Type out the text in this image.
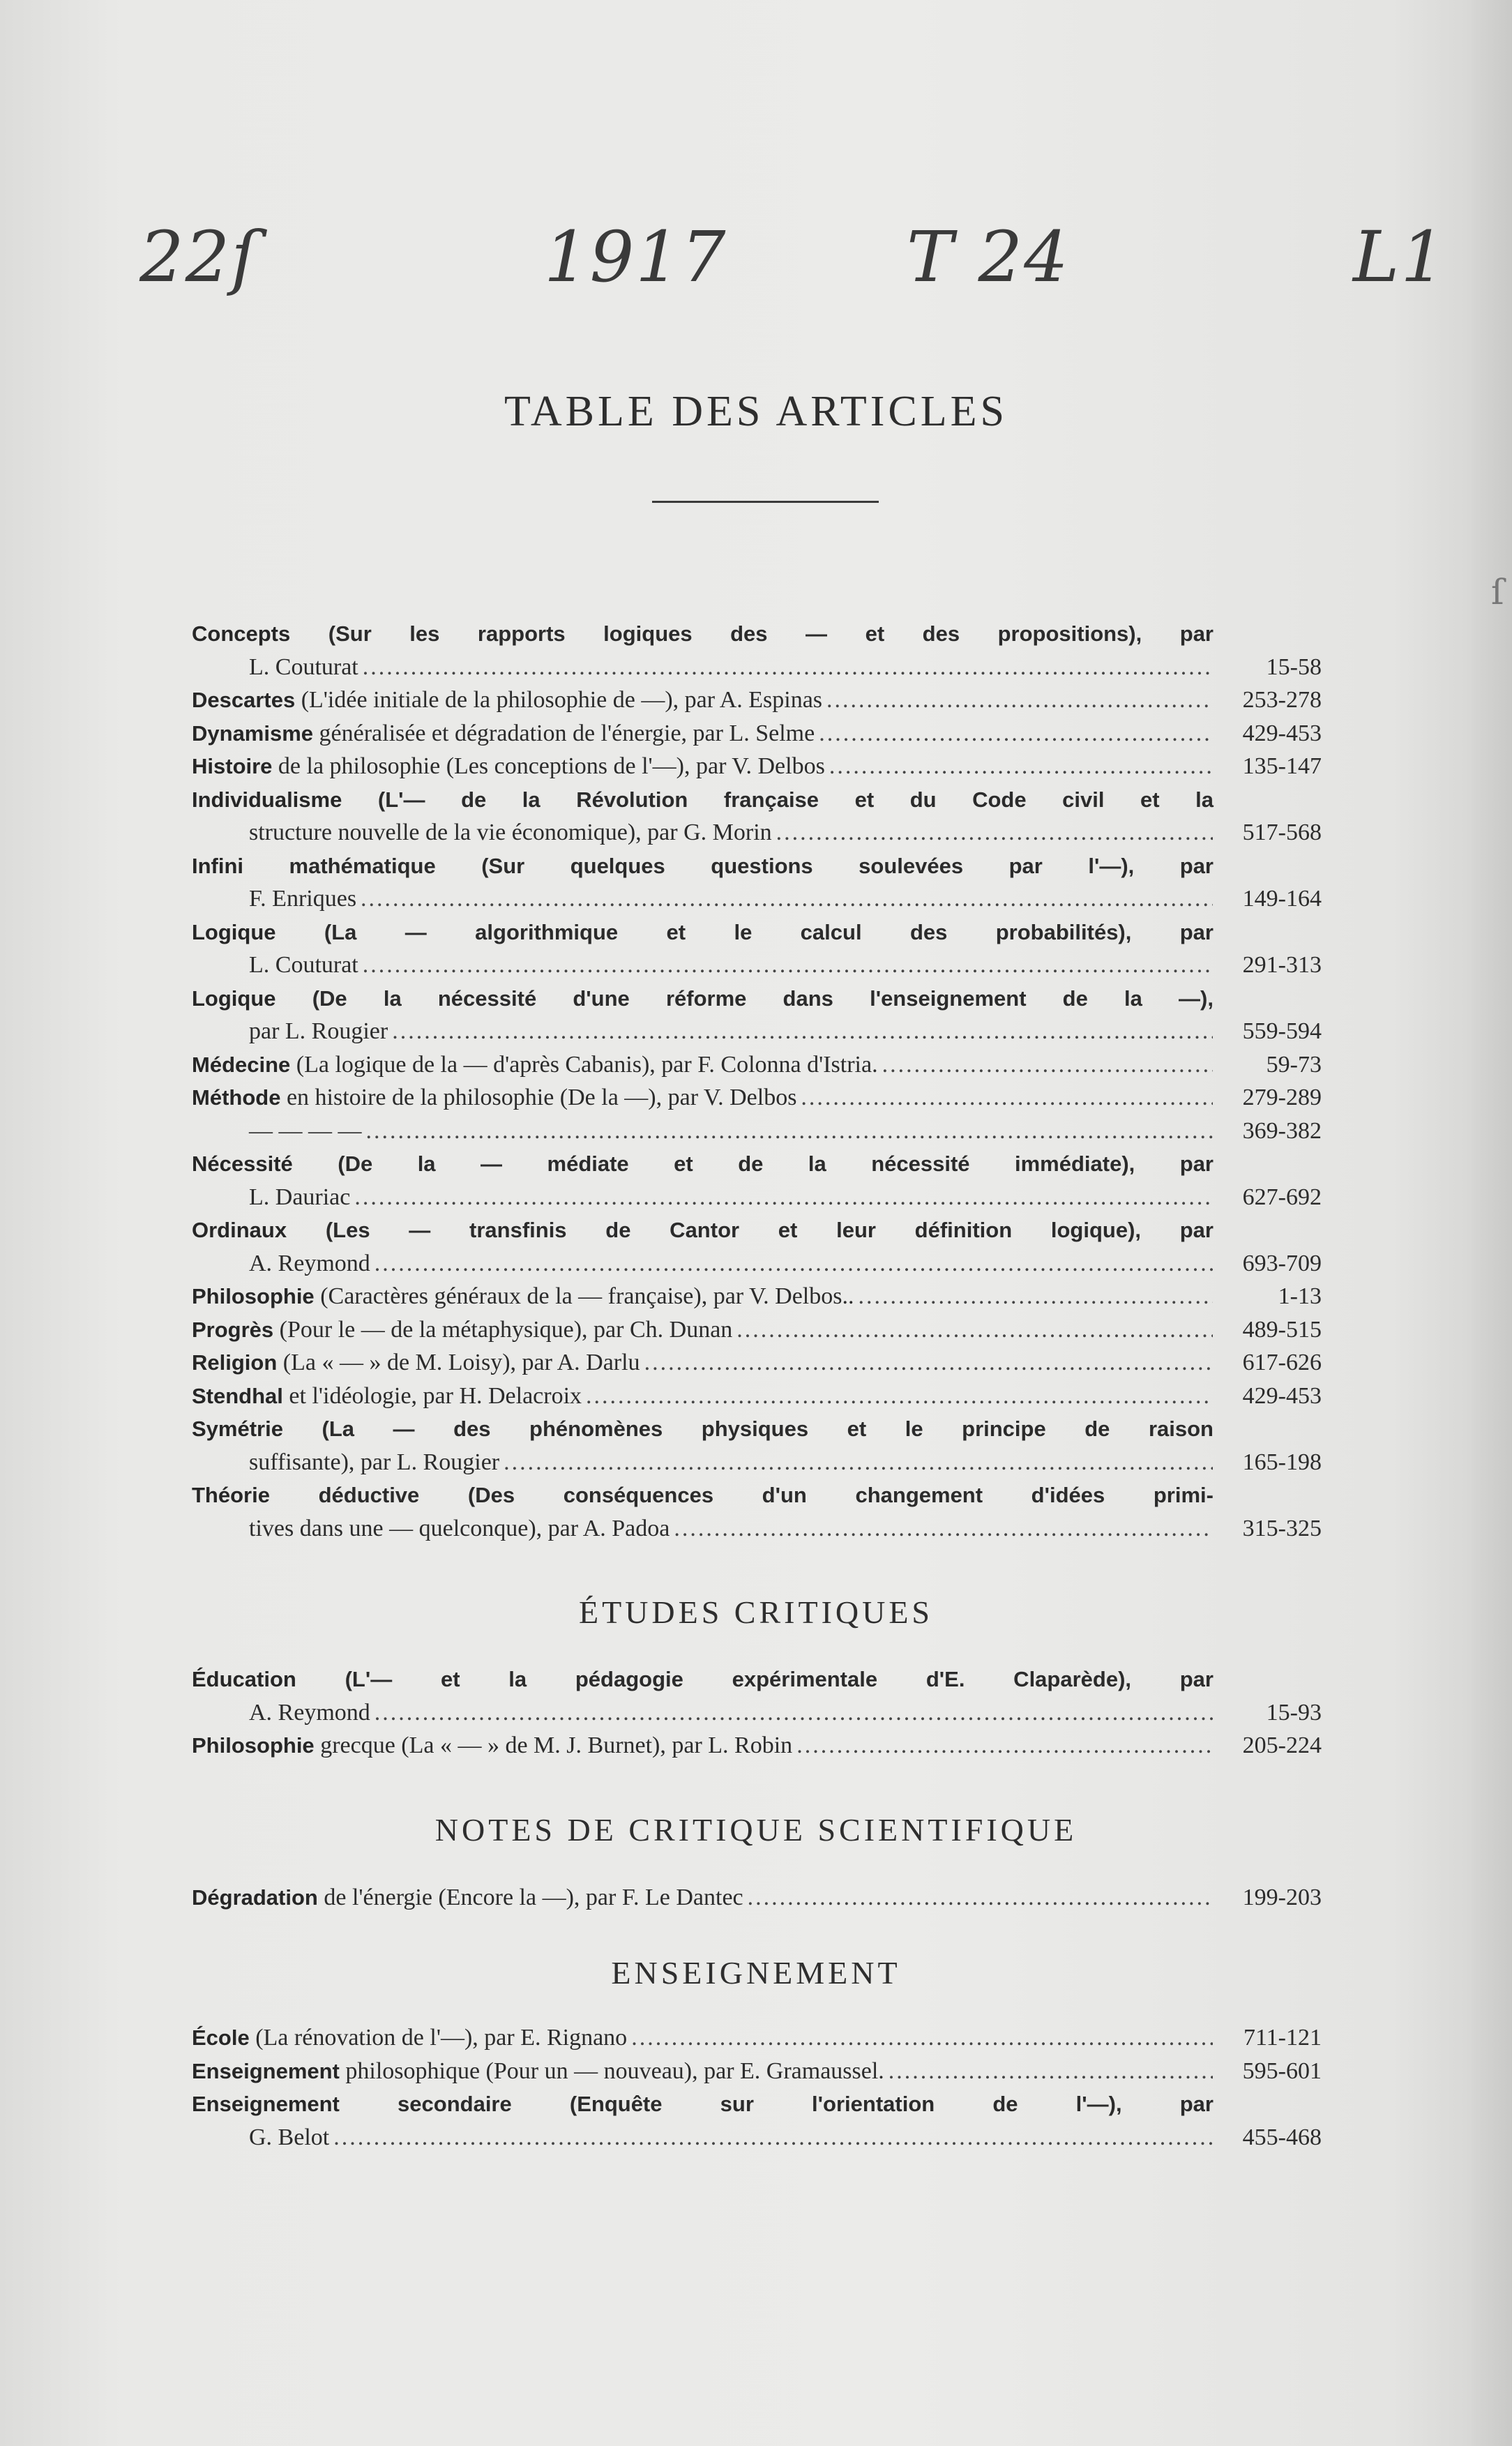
ſ
22ſ	1917	T 24	L1
TABLE DES ARTICLES
Concepts (Sur les rapports logiques des — et des propositions), par
L. Couturat .....	15-58
Descartes (L'idée initiale de la philosophie de —), par A. Espinas .....	253-278
Dynamisme généralisée et dégradation de l'énergie, par L. Selme .....	429-453
Histoire de la philosophie (Les conceptions de l'—), par V. Delbos .....	135-147
Individualisme (L'— de la Révolution française et du Code civil et la
structure nouvelle de la vie économique), par G. Morin .....	517-568
Infini mathématique (Sur quelques questions soulevées par l'—), par
F. Enriques .....	149-164
Logique (La — algorithmique et le calcul des probabilités), par
L. Couturat .....	291-313
Logique (De la nécessité d'une réforme dans l'enseignement de la —),
par L. Rougier .....	559-594
Médecine (La logique de la — d'après Cabanis), par F. Colonna d'Istria. .....	59-73
Méthode en histoire de la philosophie (De la —), par V. Delbos .....	279-289
— — — — .....	369-382
Nécessité (De la — médiate et de la nécessité immédiate), par
L. Dauriac .....	627-692
Ordinaux (Les — transfinis de Cantor et leur définition logique), par
A. Reymond .....	693-709
Philosophie (Caractères généraux de la — française), par V. Delbos.. .....	1-13
Progrès (Pour le — de la métaphysique), par Ch. Dunan .....	489-515
Religion (La « — » de M. Loisy), par A. Darlu .....	617-626
Stendhal et l'idéologie, par H. Delacroix .....	429-453
Symétrie (La — des phénomènes physiques et le principe de raison
suffisante), par L. Rougier .....	165-198
Théorie déductive (Des conséquences d'un changement d'idées primi-
tives dans une — quelconque), par A. Padoa .....	315-325
ÉTUDES CRITIQUES
Éducation (L'— et la pédagogie expérimentale d'E. Claparède), par
A. Reymond .....	15-93
Philosophie grecque (La « — » de M. J. Burnet), par L. Robin .....	205-224
NOTES DE CRITIQUE SCIENTIFIQUE
Dégradation de l'énergie (Encore la —), par F. Le Dantec .....	199-203
ENSEIGNEMENT
École (La rénovation de l'—), par E. Rignano .....	711-121
Enseignement philosophique (Pour un — nouveau), par E. Gramaussel. .....	595-601
Enseignement secondaire (Enquête sur l'orientation de l'—), par
G. Belot .....	455-468
